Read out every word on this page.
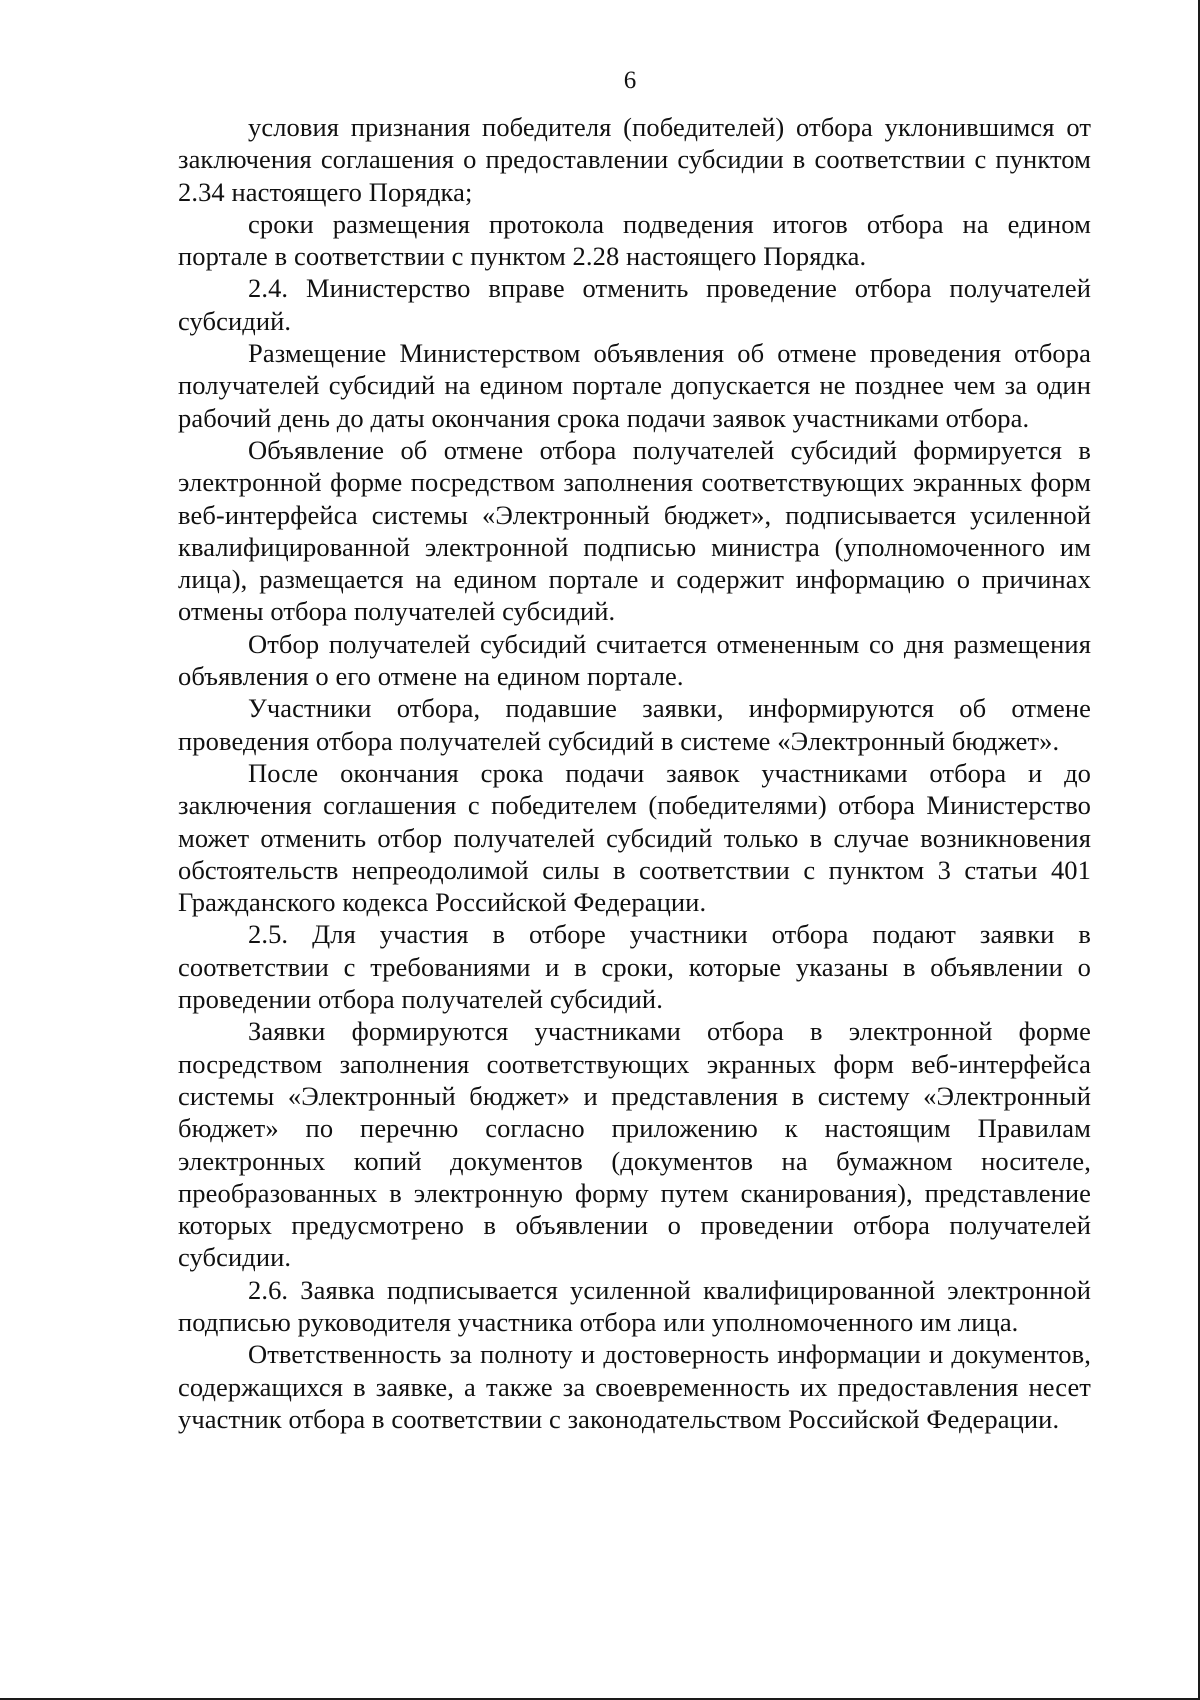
6

условия признания победителя (победителей) отбора уклонившимся от заключения соглашения о предоставлении субсидии в соответствии с пунктом 2.34 настоящего Порядка;

сроки размещения протокола подведения итогов отбора на едином портале в соответствии с пунктом 2.28 настоящего Порядка.

2.4. Министерство вправе отменить проведение отбора получателей субсидий.

Размещение Министерством объявления об отмене проведения отбора получателей субсидий на едином портале допускается не позднее чем за один рабочий день до даты окончания срока подачи заявок участниками отбора.

Объявление об отмене отбора получателей субсидий формируется в электронной форме посредством заполнения соответствующих экранных форм веб-интерфейса системы «Электронный бюджет», подписывается усиленной квалифицированной электронной подписью министра (уполномоченного им лица), размещается на едином портале и содержит информацию о причинах отмены отбора получателей субсидий.

Отбор получателей субсидий считается отмененным со дня размещения объявления о его отмене на едином портале.

Участники отбора, подавшие заявки, информируются об отмене проведения отбора получателей субсидий в системе «Электронный бюджет».

После окончания срока подачи заявок участниками отбора и до заключения соглашения с победителем (победителями) отбора Министерство может отменить отбор получателей субсидий только в случае возникновения обстоятельств непреодолимой силы в соответствии с пунктом 3 статьи 401 Гражданского кодекса Российской Федерации.

2.5. Для участия в отборе участники отбора подают заявки в соответствии с требованиями и в сроки, которые указаны в объявлении о проведении отбора получателей субсидий.

Заявки формируются участниками отбора в электронной форме посредством заполнения соответствующих экранных форм веб-интерфейса системы «Электронный бюджет» и представления в систему «Электронный бюджет» по перечню согласно приложению к настоящим Правилам электронных копий документов (документов на бумажном носителе, преобразованных в электронную форму путем сканирования), представление которых предусмотрено в объявлении о проведении отбора получателей субсидии.

2.6. Заявка подписывается усиленной квалифицированной электронной подписью руководителя участника отбора или уполномоченного им лица.

Ответственность за полноту и достоверность информации и документов, содержащихся в заявке, а также за своевременность их предоставления несет участник отбора в соответствии с законодательством Российской Федерации.
